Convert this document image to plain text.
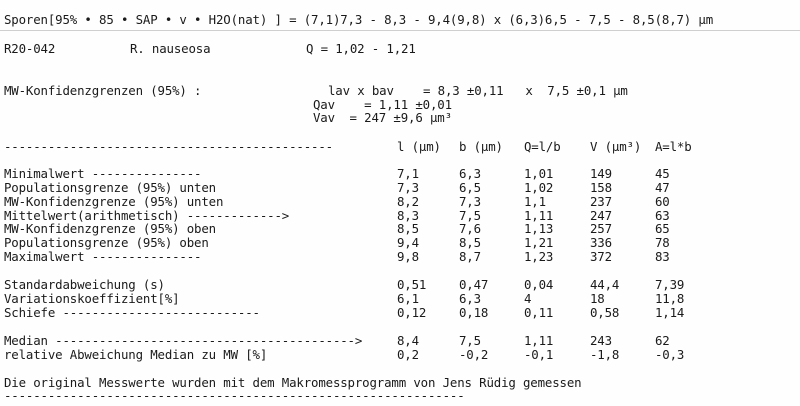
Sporen[95% • 85 • SAP • v • H2O(nat) ] = (7,1)7,3 - 8,3 - 9,4(9,8) x (6,3)6,5 - 7,5 - 8,5(8,7) µm
R20-042	R. nauseosa	Q = 1,02 - 1,21
MW-Konfidenzgrenzen (95%) :	lav x bav    = 8,3 ±0,11   x  7,5 ±0,1 µm
Qav    = 1,11 ±0,01
Vav  = 247 ±9,6 µm³
---------------------------------------------	l (µm) b (µm) Q=l/b V (µm³) A=l*b
Minimalwert ---------------	7,1	6,3	1,01	149	45
Populationsgrenze (95%) unten	7,3	6,5	1,02	158	47
MW-Konfidenzgrenze (95%) unten	8,2	7,3	1,1	237	60
Mittelwert(arithmetisch) ------------->	8,3	7,5	1,11	247	63
MW-Konfidenzgrenze (95%) oben	8,5	7,6	1,13	257	65
Populationsgrenze (95%) oben	9,4	8,5	1,21	336	78
Maximalwert ---------------	9,8	8,7	1,23	372	83
Standardabweichung (s)	0,51	0,47	0,04	44,4	7,39
Variationskoeffizient[%]	6,1	6,3	4	18	11,8
Schiefe ---------------------------	0,12	0,18	0,11	0,58	1,14
Median ----------------------------------------->	8,4	7,5	1,11	243	62
relative Abweichung Median zu MW [%]	0,2	-0,2	-0,1	-1,8	-0,3
Die original Messwerte wurden mit dem Makromessprogramm von Jens Rüdig gemessen
---------------------------------------------------------------
